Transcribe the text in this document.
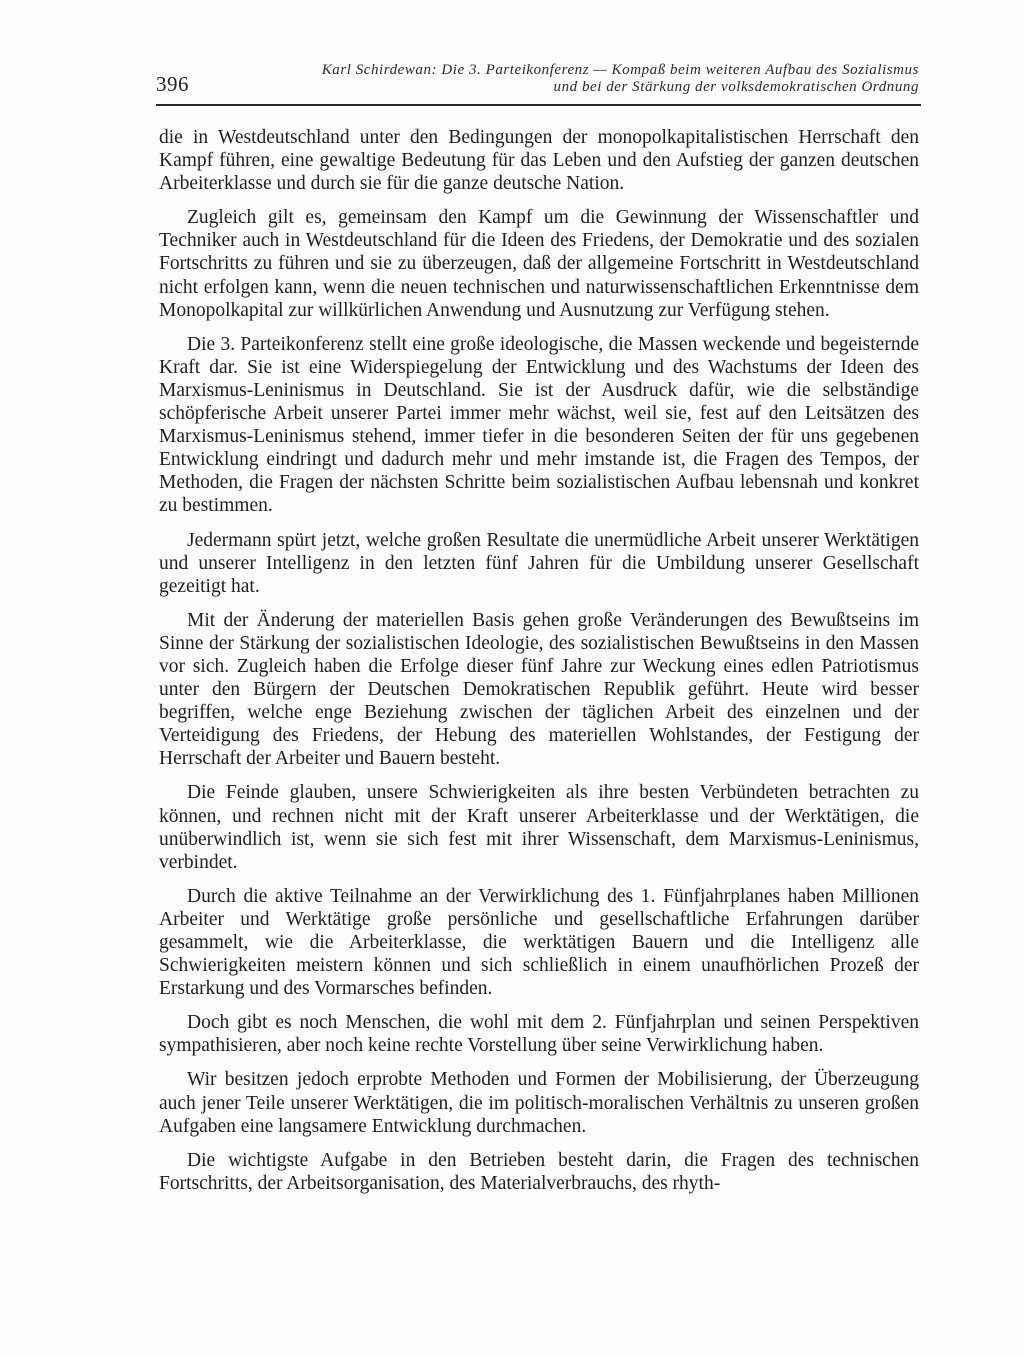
396
Karl Schirdewan: Die 3. Parteikonferenz — Kompaß beim weiteren Aufbau des Sozialismus
und bei der Stärkung der volksdemokratischen Ordnung

die in Westdeutschland unter den Bedingungen der monopolkapitalistischen Herrschaft den Kampf führen, eine gewaltige Bedeutung für das Leben und den Aufstieg der ganzen deutschen Arbeiterklasse und durch sie für die ganze deutsche Nation.

Zugleich gilt es, gemeinsam den Kampf um die Gewinnung der Wissenschaftler und Techniker auch in Westdeutschland für die Ideen des Friedens, der Demokratie und des sozialen Fortschritts zu führen und sie zu überzeugen, daß der allgemeine Fortschritt in Westdeutschland nicht erfolgen kann, wenn die neuen technischen und naturwissenschaftlichen Erkenntnisse dem Monopolkapital zur willkürlichen Anwendung und Ausnutzung zur Verfügung stehen.

Die 3. Parteikonferenz stellt eine große ideologische, die Massen weckende und begeisternde Kraft dar. Sie ist eine Widerspiegelung der Entwicklung und des Wachstums der Ideen des Marxismus-Leninismus in Deutschland. Sie ist der Ausdruck dafür, wie die selbständige schöpferische Arbeit unserer Partei immer mehr wächst, weil sie, fest auf den Leitsätzen des Marxismus-Leninismus stehend, immer tiefer in die besonderen Seiten der für uns gegebenen Entwicklung eindringt und dadurch mehr und mehr imstande ist, die Fragen des Tempos, der Methoden, die Fragen der nächsten Schritte beim sozialistischen Aufbau lebensnah und konkret zu bestimmen.

Jedermann spürt jetzt, welche großen Resultate die unermüdliche Arbeit unserer Werktätigen und unserer Intelligenz in den letzten fünf Jahren für die Umbildung unserer Gesellschaft gezeitigt hat.

Mit der Änderung der materiellen Basis gehen große Veränderungen des Bewußtseins im Sinne der Stärkung der sozialistischen Ideologie, des sozialistischen Bewußtseins in den Massen vor sich. Zugleich haben die Erfolge dieser fünf Jahre zur Weckung eines edlen Patriotismus unter den Bürgern der Deutschen Demokratischen Republik geführt. Heute wird besser begriffen, welche enge Beziehung zwischen der täglichen Arbeit des einzelnen und der Verteidigung des Friedens, der Hebung des materiellen Wohlstandes, der Festigung der Herrschaft der Arbeiter und Bauern besteht.

Die Feinde glauben, unsere Schwierigkeiten als ihre besten Verbündeten betrachten zu können, und rechnen nicht mit der Kraft unserer Arbeiterklasse und der Werktätigen, die unüberwindlich ist, wenn sie sich fest mit ihrer Wissenschaft, dem Marxismus-Leninismus, verbindet.

Durch die aktive Teilnahme an der Verwirklichung des 1. Fünfjahrplanes haben Millionen Arbeiter und Werktätige große persönliche und gesellschaftliche Erfahrungen darüber gesammelt, wie die Arbeiterklasse, die werktätigen Bauern und die Intelligenz alle Schwierigkeiten meistern können und sich schließlich in einem unaufhörlichen Prozeß der Erstarkung und des Vormarsches befinden.

Doch gibt es noch Menschen, die wohl mit dem 2. Fünfjahrplan und seinen Perspektiven sympathisieren, aber noch keine rechte Vorstellung über seine Verwirklichung haben.

Wir besitzen jedoch erprobte Methoden und Formen der Mobilisierung, der Überzeugung auch jener Teile unserer Werktätigen, die im politisch-moralischen Verhältnis zu unseren großen Aufgaben eine langsamere Entwicklung durchmachen.

Die wichtigste Aufgabe in den Betrieben besteht darin, die Fragen des technischen Fortschritts, der Arbeitsorganisation, des Materialverbrauchs, des rhyth-
